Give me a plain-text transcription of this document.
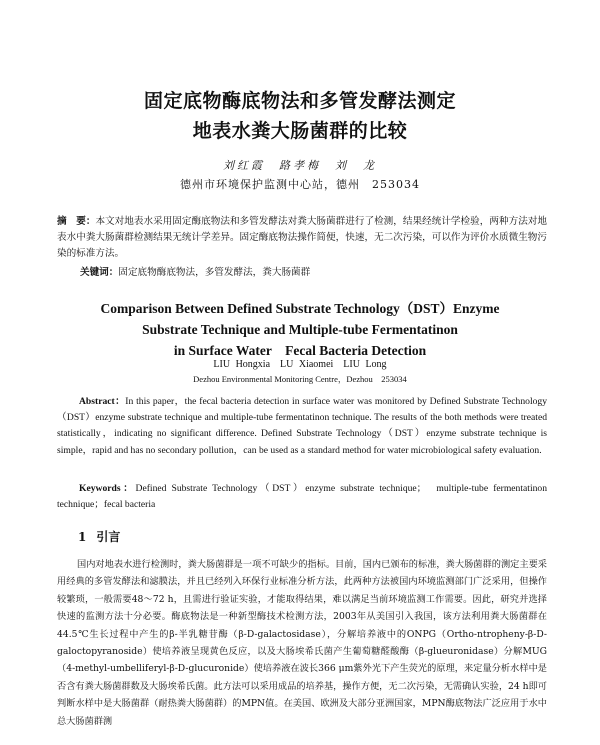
固定底物酶底物法和多管发酵法测定
地表水粪大肠菌群的比较
刘红霞　路孝梅　刘　龙
德州市环境保护监测中心站，德州　253034
摘　要：本文对地表水采用固定酶底物法和多管发酵法对粪大肠菌群进行了检测，结果经统计学检验，两种方法对地表水中粪大肠菌群检测结果无统计学差异。固定酶底物法操作简便，快速，无二次污染，可以作为评价水质微生物污染的标准方法。
关键词：固定底物酶底物法，多管发酵法，粪大肠菌群
Comparison Between Defined Substrate Technology（DST）Enzyme
Substrate Technique and Multiple-tube Fermentatinon
in Surface Water　Fecal Bacteria Detection
LIU Hongxia　LU Xiaomei　LIU Long
Dezhou Environmental Monitoring Centre，Dezhou　253034
Abstract：In this paper，the fecal bacteria detection in surface water was monitored by Defined Substrate Technology（DST）enzyme substrate technique and multiple-tube fermentatinon technique. The results of the both methods were treated statistically，indicating no significant difference. Defined Substrate Technology（DST）enzyme substrate technique is simple，rapid and has no secondary pollution，can be used as a standard method for water microbiological safety evaluation.
Keywords：Defined Substrate Technology（DST）enzyme substrate technique；　multiple-tube fermentatinon technique；fecal bacteria
1 引言
国内对地表水进行检测时，粪大肠菌群是一项不可缺少的指标。目前，国内已颁布的标准，粪大肠菌群的测定主要采用经典的多管发酵法和滤膜法，并且已经列入环保行业标准分析方法，此两种方法被国内环境监测部门广泛采用，但操作较繁琐，一般需要48～72 h，且需进行验证实验，才能取得结果，难以满足当前环境监测工作需要。因此，研究并选择快速的监测方法十分必要。酶底物法是一种新型酶技术检测方法，2003年从美国引入我国，该方法利用粪大肠菌群在44.5℃生长过程中产生的β-半乳糖苷酶（β-D-galactosidase），分解培养液中的ONPG（Ortho-ntropheny-β-D-galoctopyranoside）使培养液呈现黄色反应，以及大肠埃希氏菌产生葡萄糖醛酸酶（β-glueuronidase）分解MUG（4-methyl-umbelliferyl-β-D-glucuronide）使培养液在波长366 μm紫外光下产生荧光的原理，来定量分析水样中是否含有粪大肠菌群数及大肠埃希氏菌。此方法可以采用成品的培养基，操作方便，无二次污染，无需确认实验，24 h即可判断水样中是大肠菌群（耐热粪大肠菌群）的MPN值。在美国、欧洲及大部分亚洲国家，MPN酶底物法广泛应用于水中总大肠菌群测
